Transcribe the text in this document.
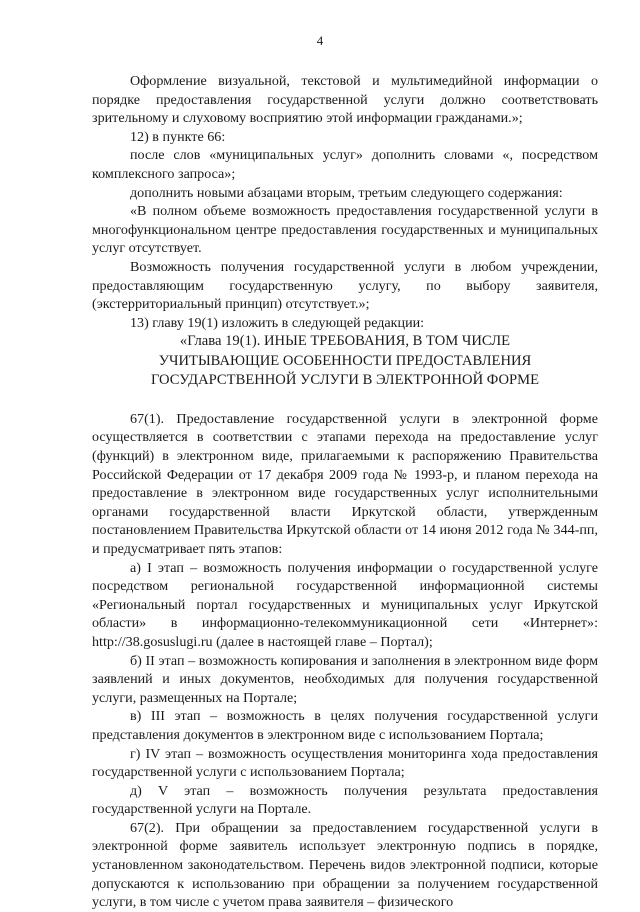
4

Оформление визуальной, текстовой и мультимедийной информации о порядке предоставления государственной услуги должно соответствовать зрительному и слуховому восприятию этой информации гражданами.»;

12) в пункте 66:

после слов «муниципальных услуг» дополнить словами «, посредством комплексного запроса»;

дополнить новыми абзацами вторым, третьим следующего содержания:

«В полном объеме возможность предоставления государственной услуги в многофункциональном центре предоставления государственных и муниципальных услуг отсутствует.

Возможность получения государственной услуги в любом учреждении, предоставляющим государственную услугу, по выбору заявителя, (экстерриториальный принцип) отсутствует.»;

13) главу 19(1) изложить в следующей редакции:

«Глава 19(1). ИНЫЕ ТРЕБОВАНИЯ, В ТОМ ЧИСЛЕ

УЧИТЫВАЮЩИЕ ОСОБЕННОСТИ ПРЕДОСТАВЛЕНИЯ

ГОСУДАРСТВЕННОЙ УСЛУГИ В ЭЛЕКТРОННОЙ ФОРМЕ

67(1). Предоставление государственной услуги в электронной форме осуществляется в соответствии с этапами перехода на предоставление услуг (функций) в электронном виде, прилагаемыми к распоряжению Правительства Российской Федерации от 17 декабря 2009 года № 1993-р, и планом перехода на предоставление в электронном виде государственных услуг исполнительными органами государственной власти Иркутской области, утвержденным постановлением Правительства Иркутской области от 14 июня 2012 года № 344-пп, и предусматривает пять этапов:

а) I этап – возможность получения информации о государственной услуге посредством региональной государственной информационной системы «Региональный портал государственных и муниципальных услуг Иркутской области» в информационно-телекоммуникационной сети «Интернет»: http://38.gosuslugi.ru (далее в настоящей главе – Портал);

б) II этап – возможность копирования и заполнения в электронном виде форм заявлений и иных документов, необходимых для получения государственной услуги, размещенных на Портале;

в) III этап – возможность в целях получения государственной услуги представления документов в электронном виде с использованием Портала;

г) IV этап – возможность осуществления мониторинга хода предоставления государственной услуги с использованием Портала;

д) V этап – возможность получения результата предоставления государственной услуги на Портале.

67(2). При обращении за предоставлением государственной услуги в электронной форме заявитель использует электронную подпись в порядке, установленном законодательством. Перечень видов электронной подписи, которые допускаются к использованию при обращении за получением государственной услуги, в том числе с учетом права заявителя – физического
